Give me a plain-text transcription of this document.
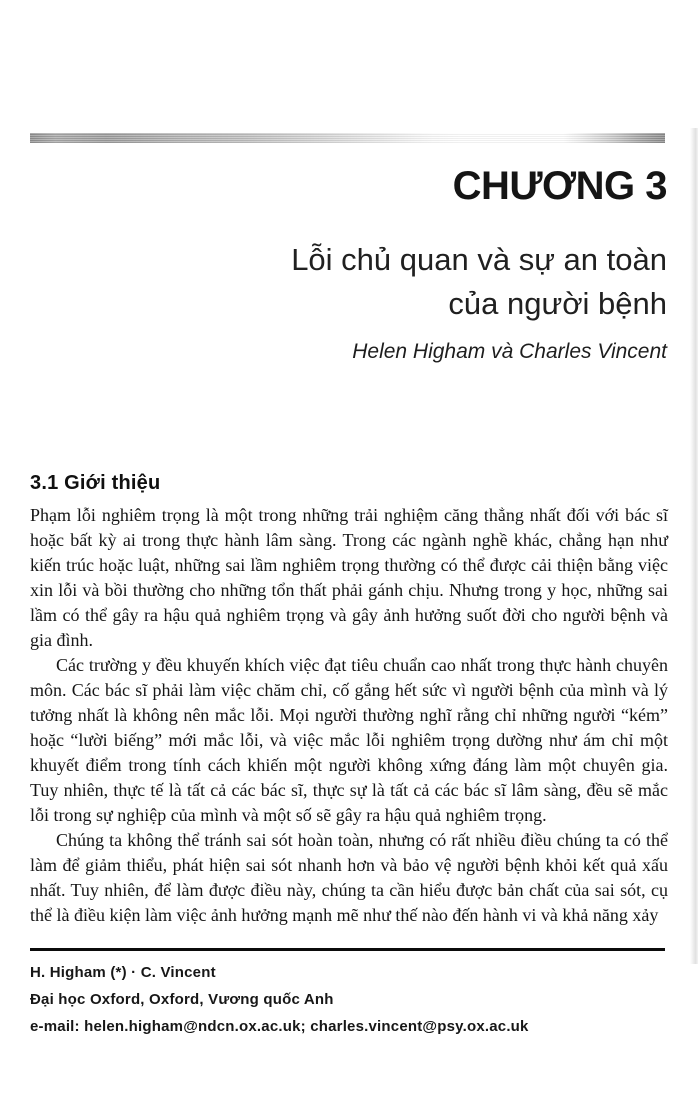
CHƯƠNG 3
Lỗi chủ quan và sự an toàn
của người bệnh
Helen Higham và Charles Vincent
3.1 Giới thiệu

Phạm lỗi nghiêm trọng là một trong những trải nghiệm căng thẳng nhất đối với bác sĩ hoặc bất kỳ ai trong thực hành lâm sàng. Trong các ngành nghề khác, chẳng hạn như kiến trúc hoặc luật, những sai lầm nghiêm trọng thường có thể được cải thiện bằng việc xin lỗi và bồi thường cho những tổn thất phải gánh chịu. Nhưng trong y học, những sai lầm có thể gây ra hậu quả nghiêm trọng và gây ảnh hưởng suốt đời cho người bệnh và gia đình.

Các trường y đều khuyến khích việc đạt tiêu chuẩn cao nhất trong thực hành chuyên môn. Các bác sĩ phải làm việc chăm chỉ, cố gắng hết sức vì người bệnh của mình và lý tưởng nhất là không nên mắc lỗi. Mọi người thường nghĩ rằng chỉ những người “kém” hoặc “lười biếng” mới mắc lỗi, và việc mắc lỗi nghiêm trọng dường như ám chỉ một khuyết điểm trong tính cách khiến một người không xứng đáng làm một chuyên gia. Tuy nhiên, thực tế là tất cả các bác sĩ, thực sự là tất cả các bác sĩ lâm sàng, đều sẽ mắc lỗi trong sự nghiệp của mình và một số sẽ gây ra hậu quả nghiêm trọng.

Chúng ta không thể tránh sai sót hoàn toàn, nhưng có rất nhiều điều chúng ta có thể làm để giảm thiểu, phát hiện sai sót nhanh hơn và bảo vệ người bệnh khỏi kết quả xấu nhất. Tuy nhiên, để làm được điều này, chúng ta cần hiểu được bản chất của sai sót, cụ thể là điều kiện làm việc ảnh hưởng mạnh mẽ như thế nào đến hành vi và khả năng xảy

H. Higham (*) · C. Vincent
Đại học Oxford, Oxford, Vương quốc Anh
e-mail: helen.higham@ndcn.ox.ac.uk; charles.vincent@psy.ox.ac.uk
